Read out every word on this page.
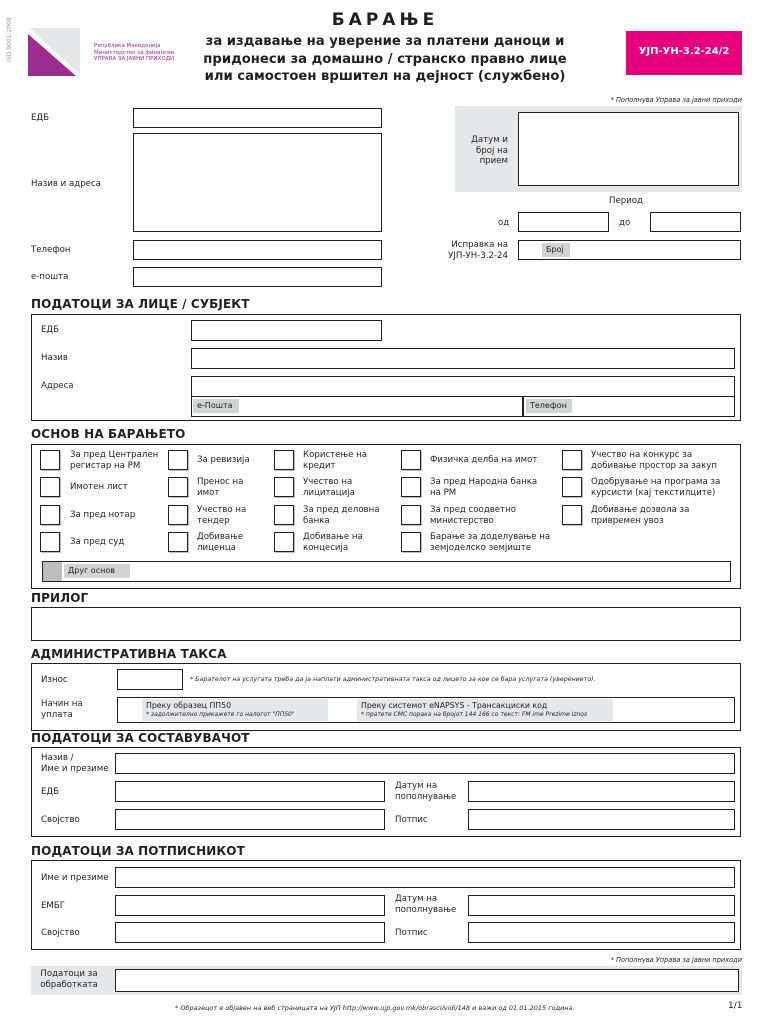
ISO 9001:2008	Република Македонија
Министерство за финансии
УПРАВА ЗА ЈАВНИ ПРИХОДИ
БАРАЊЕ
за издавање на уверение за платени даноци и
придонеси за домашно / странско правно лице
или самостоен вршител на дејност (службено)
УЈП-УН-3.2-24/2
* Пополнува Управа за јавни приходи
ЕДБ
Назив и адреса
Телефон
е-пошта
Датум и
број на
прием
Период
од	до
Исправка на
УЈП-УН-3.2-24
Број
ПОДАТОЦИ ЗА ЛИЦЕ / СУБЈЕКТ
ЕДБ
Назив
Адреса
е-Пошта	Телефон
ОСНОВ НА БАРАЊЕТО
За пред Централен
регистар на РМ
Имотен лист
За пред нотар
За пред суд
За ревизија
Пренос на
имот
Учество на
тендер
Добивање
лиценца
Користење на
кредит
Учество на
лицитација
За пред деловна
банка
Добивање на
концесија
Физичка делба на имот
За пред Народна банка
на РМ
За пред соодветно
министерство
Барање за доделување на
земјоделско земјиште
Учество на конкурс за
добивање простор за закуп
Одобрување на програма за
курсисти (кај текстилците)
Добивање дозвола за
привремен увоз
Друг основ
ПРИЛОГ
АДМИНИСТРАТИВНА ТАКСА
Износ	* Барателот на услугата треба да ја наплати административната такса од лицето за кое се бара услугата (уверението).
Начин на
уплата
Преку образец ПП50
* задолжително прикажете го налогот "ПП50"
Преку системот eNAPSYS - Трансакциски код
* пратете СМС порака на бројот 144 166 со текст: FM ime Prezime Iznos
ПОДАТОЦИ ЗА СОСТАВУВАЧОТ
Назив /
Име и презиме
ЕДБ
Датум на
пополнување
Својство	Потпис
ПОДАТОЦИ ЗА ПОТПИСНИКОТ
Име и презиме
ЕМБГ
Датум на
пополнување
Својство	Потпис
* Пополнува Управа за јавни приходи
Податоци за
обработката
* Образецот е објавен на веб страницата на УЈП http://www.ujp.gov.mk/obrasci/vidi/148 и важи од 01.01.2015 година.	1/1
